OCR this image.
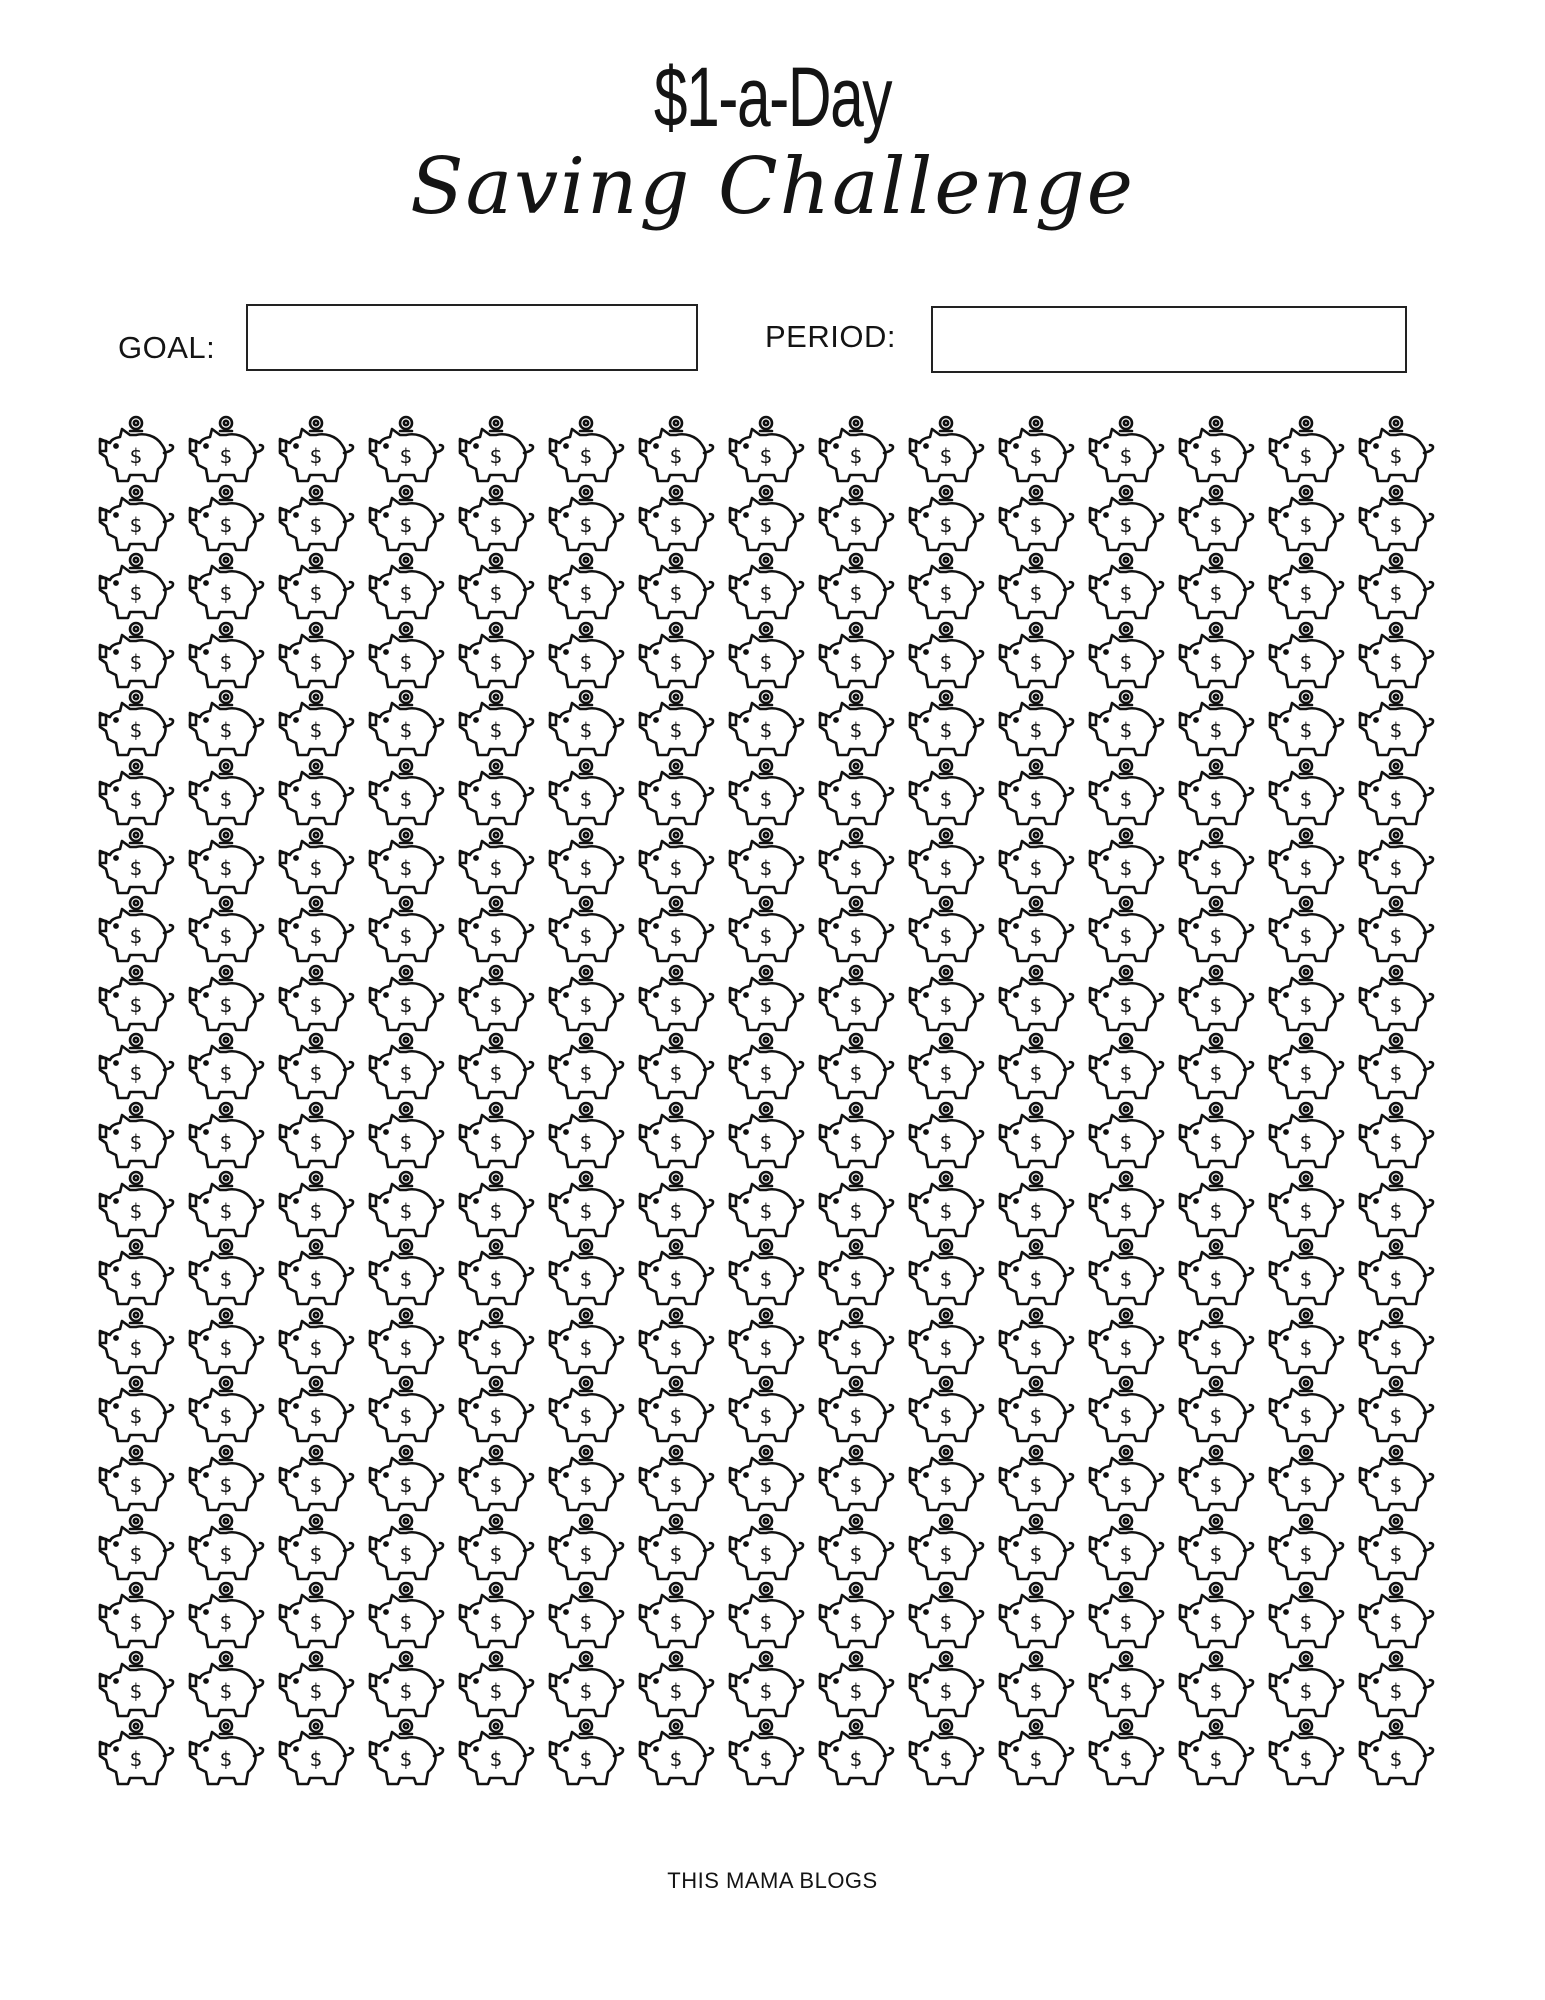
$1-a-Day
Saving Challenge
GOAL:	PERIOD:
$	$	$	$	$	$	$	$	$	$	$	$	$	$	$
$	$	$	$	$	$	$	$	$	$	$	$	$	$	$
$	$	$	$	$	$	$	$	$	$	$	$	$	$	$
$	$	$	$	$	$	$	$	$	$	$	$	$	$	$
$	$	$	$	$	$	$	$	$	$	$	$	$	$	$
$	$	$	$	$	$	$	$	$	$	$	$	$	$	$
$	$	$	$	$	$	$	$	$	$	$	$	$	$	$
$	$	$	$	$	$	$	$	$	$	$	$	$	$	$
$	$	$	$	$	$	$	$	$	$	$	$	$	$	$
$	$	$	$	$	$	$	$	$	$	$	$	$	$	$
$	$	$	$	$	$	$	$	$	$	$	$	$	$	$
$	$	$	$	$	$	$	$	$	$	$	$	$	$	$
$	$	$	$	$	$	$	$	$	$	$	$	$	$	$
$	$	$	$	$	$	$	$	$	$	$	$	$	$	$
$	$	$	$	$	$	$	$	$	$	$	$	$	$	$
$	$	$	$	$	$	$	$	$	$	$	$	$	$	$
$	$	$	$	$	$	$	$	$	$	$	$	$	$	$
$	$	$	$	$	$	$	$	$	$	$	$	$	$	$
$	$	$	$	$	$	$	$	$	$	$	$	$	$	$
$	$	$	$	$	$	$	$	$	$	$	$	$	$	$
THIS MAMA BLOGS
